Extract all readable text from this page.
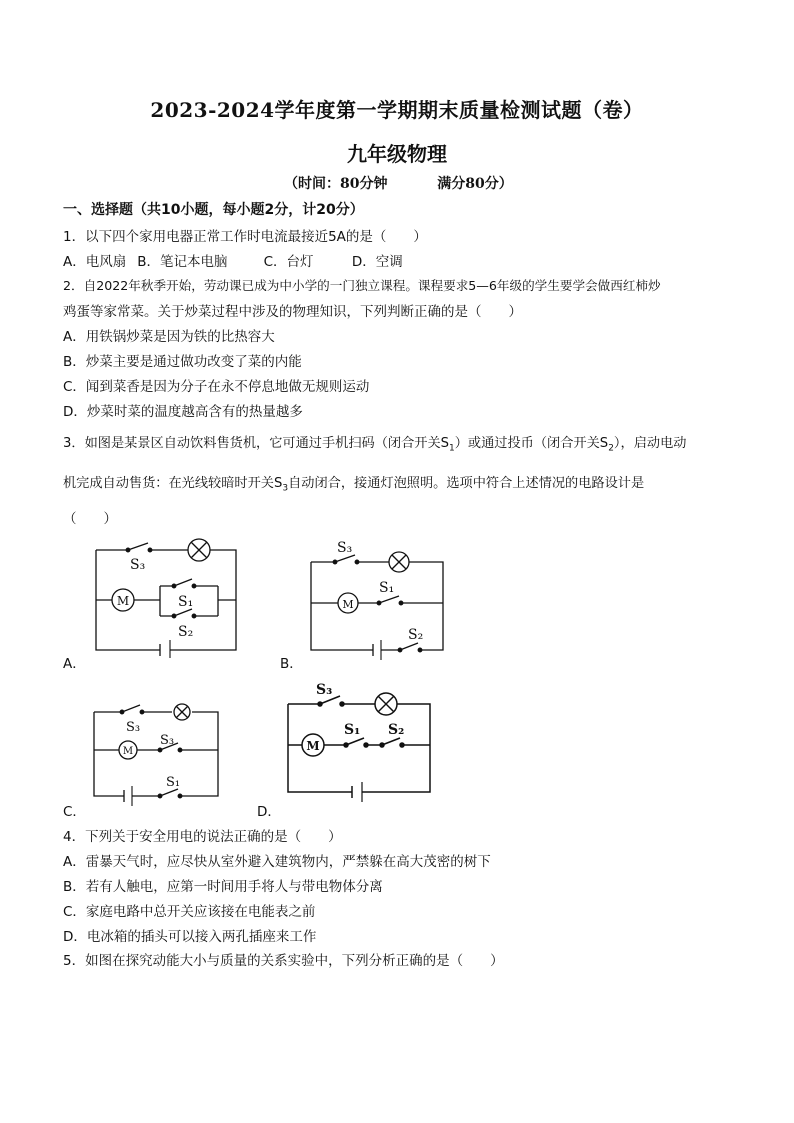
2023-2024学年度第一学期期末质量检测试题（卷）
九年级物理
（时间：80分钟	满分80分）
一、选择题（共10小题，每小题2分，计20分）
1．以下四个家用电器正常工作时电流最接近5A的是（　　）
A．电风扇 B．笔记本电脑	C．台灯	D．空调
2．自2022年秋季开始，劳动课已成为中小学的一门独立课程。课程要求5—6年级的学生要学会做西红柿炒
鸡蛋等家常菜。关于炒菜过程中涉及的物理知识，下列判断正确的是（　　）
A．用铁锅炒菜是因为铁的比热容大
B．炒菜主要是通过做功改变了菜的内能
C．闻到菜香是因为分子在永不停息地做无规则运动
D．炒菜时菜的温度越高含有的热量越多
3．如图是某景区自动饮料售货机，它可通过手机扫码（闭合开关$S_1$）或通过投币（闭合开关$S_2$），启动电动
机完成自动售货：在光线较暗时开关$S_3$自动闭合，接通灯泡照明。选项中符合上述情况的电路设计是
（　　）
M
S₃
S₁
S₂
A．
M
S₃
S₁
S₂
B．
M
S₃
S₃
S₁
C．
M
S₃
S₁ S₂
D．
4．下列关于安全用电的说法正确的是（　　）
A．雷暴天气时，应尽快从室外避入建筑物内，严禁躲在高大茂密的树下
B．若有人触电，应第一时间用手将人与带电物体分离
C．家庭电路中总开关应该接在电能表之前
D．电冰箱的插头可以接入两孔插座来工作
5．如图在探究动能大小与质量的关系实验中，下列分析正确的是（　　）
